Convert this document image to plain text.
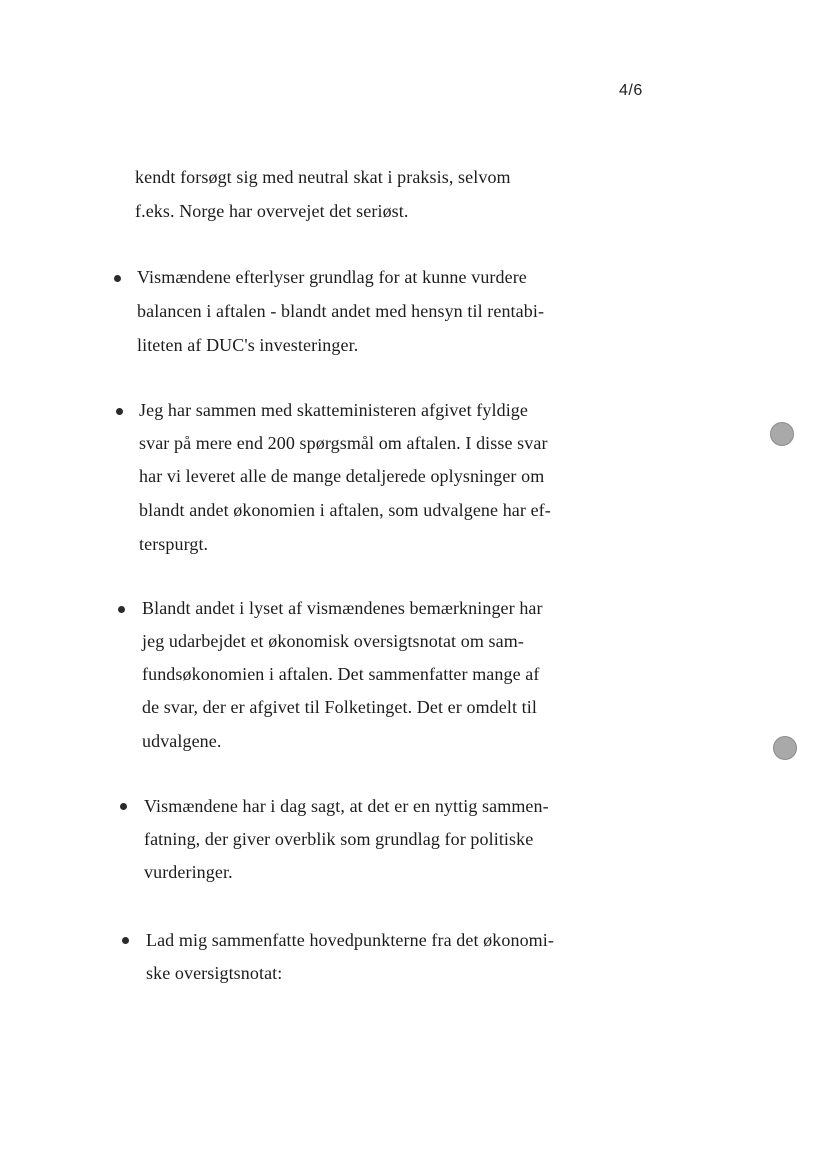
4/6
kendt forsøgt sig med neutral skat i praksis, selvom
f.eks. Norge har overvejet det seriøst.
Vismændene efterlyser grundlag for at kunne vurdere
balancen i aftalen - blandt andet med hensyn til rentabi-
liteten af DUC's investeringer.
Jeg har sammen med skatteministeren afgivet fyldige
svar på mere end 200 spørgsmål om aftalen. I disse svar
har vi leveret alle de mange detaljerede oplysninger om
blandt andet økonomien i aftalen, som udvalgene har ef-
terspurgt.
Blandt andet i lyset af vismændenes bemærkninger har
jeg udarbejdet et økonomisk oversigtsnotat om sam-
fundsøkonomien i aftalen. Det sammenfatter mange af
de svar, der er afgivet til Folketinget. Det er omdelt til
udvalgene.
Vismændene har i dag sagt, at det er en nyttig sammen-
fatning, der giver overblik som grundlag for politiske
vurderinger.
Lad mig sammenfatte hovedpunkterne fra det økonomi-
ske oversigtsnotat:
